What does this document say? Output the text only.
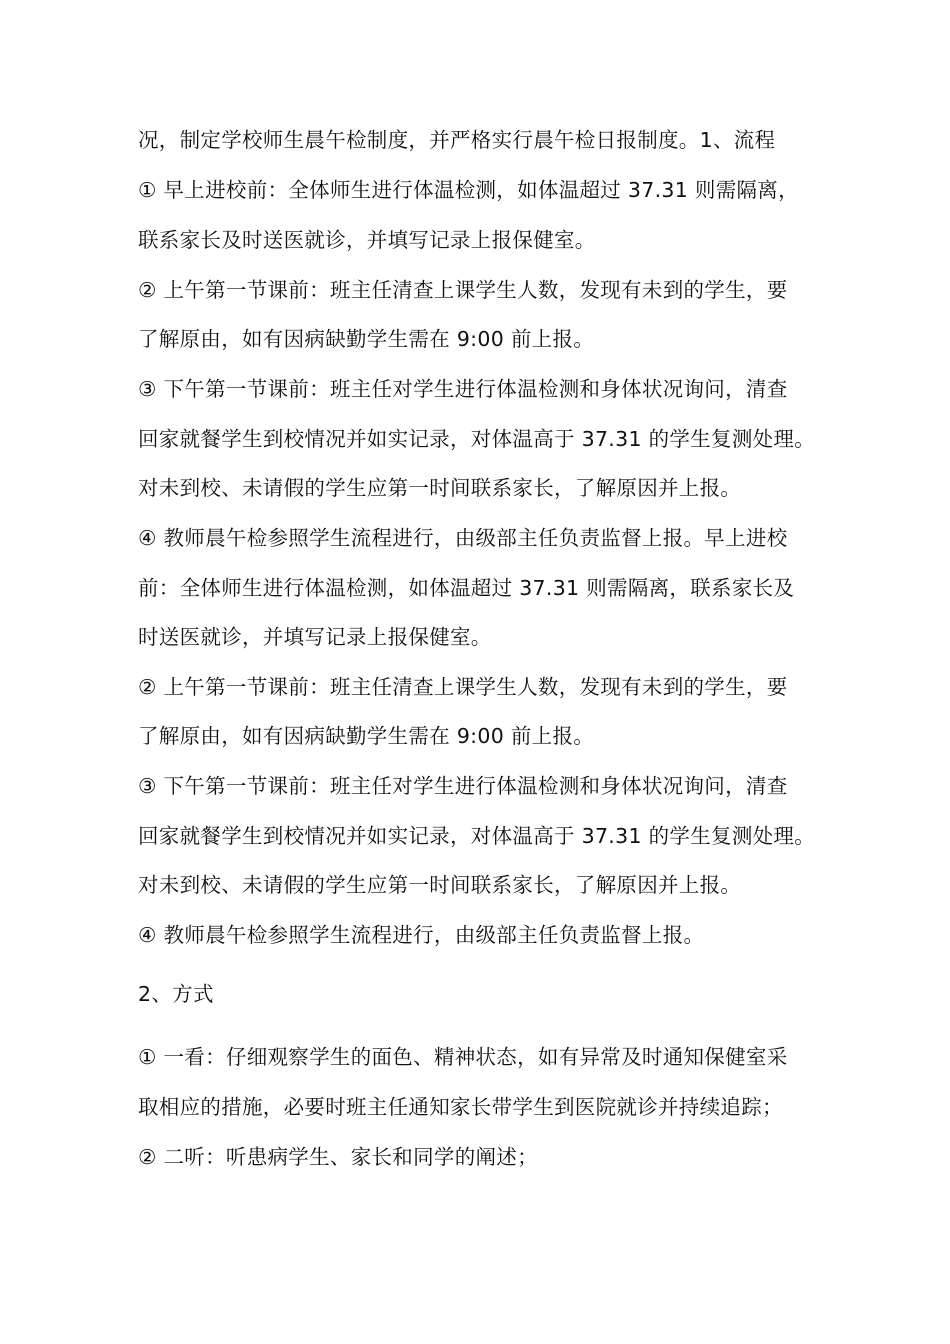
况，制定学校师生晨午检制度，并严格实行晨午检日报制度。1、流程
① 早上进校前：全体师生进行体温检测，如体温超过 37.31 则需隔离，
联系家长及时送医就诊，并填写记录上报保健室。
② 上午第一节课前：班主任清查上课学生人数，发现有未到的学生，要
了解原由，如有因病缺勤学生需在 9:00 前上报。
③ 下午第一节课前：班主任对学生进行体温检测和身体状况询问，清查
回家就餐学生到校情况并如实记录，对体温高于 37.31 的学生复测处理。
对未到校、未请假的学生应第一时间联系家长，了解原因并上报。
④ 教师晨午检参照学生流程进行，由级部主任负责监督上报。早上进校
前：全体师生进行体温检测，如体温超过 37.31 则需隔离，联系家长及
时送医就诊，并填写记录上报保健室。
② 上午第一节课前：班主任清查上课学生人数，发现有未到的学生，要
了解原由，如有因病缺勤学生需在 9:00 前上报。
③ 下午第一节课前：班主任对学生进行体温检测和身体状况询问，清查
回家就餐学生到校情况并如实记录，对体温高于 37.31 的学生复测处理。
对未到校、未请假的学生应第一时间联系家长，了解原因并上报。
④ 教师晨午检参照学生流程进行，由级部主任负责监督上报。
2、方式
① 一看：仔细观察学生的面色、精神状态，如有异常及时通知保健室采
取相应的措施，必要时班主任通知家长带学生到医院就诊并持续追踪；
② 二听：听患病学生、家长和同学的阐述；
